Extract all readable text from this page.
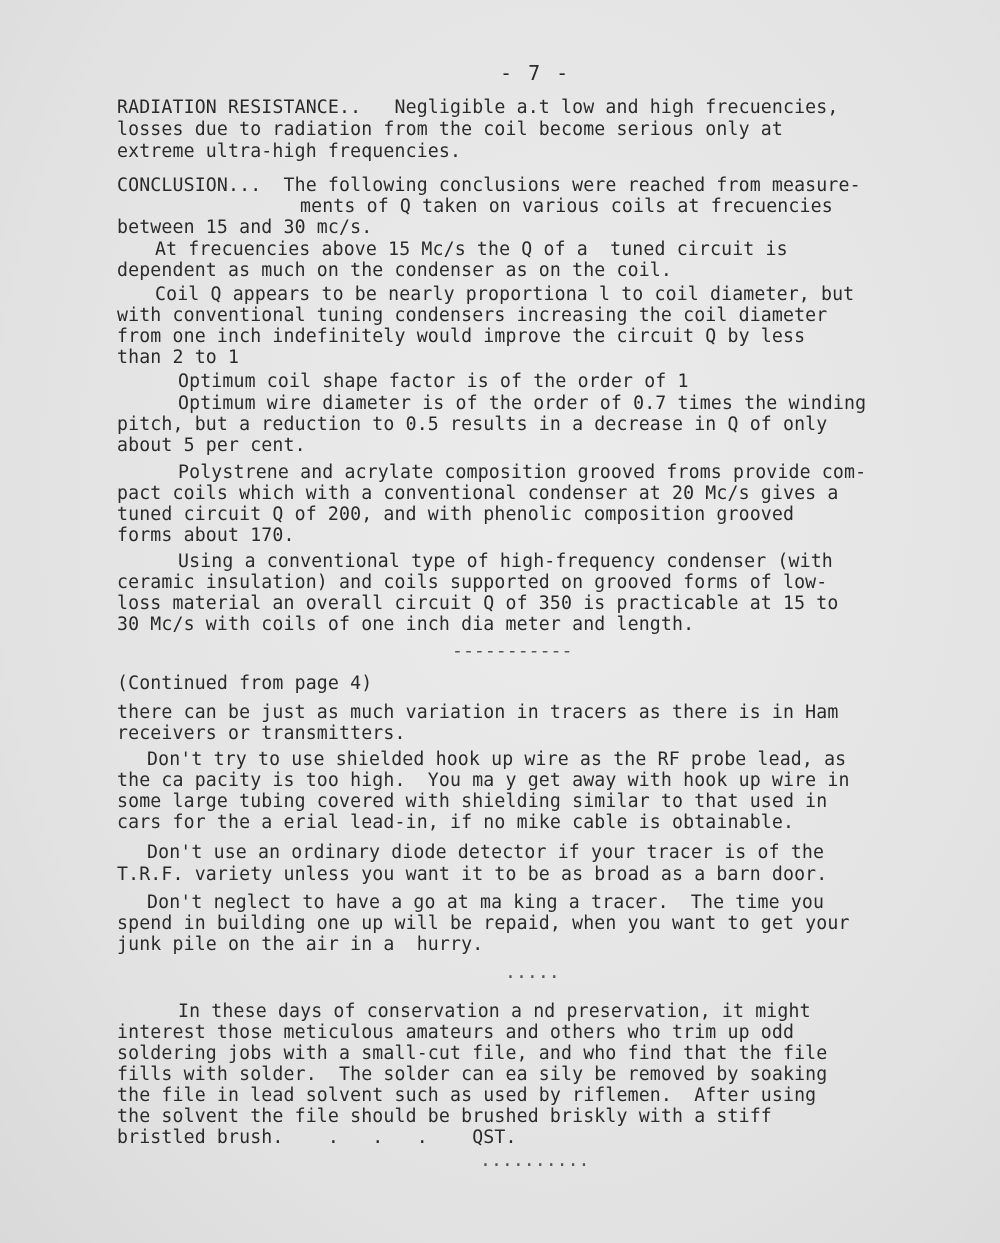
- 7 -
RADIATION RESISTANCE..   Negligible a.t low and high frecuencies,
losses due to radiation from the coil become serious only at
extreme ultra-high frequencies.
CONCLUSION...  The following conclusions were reached from measure-
ments of Q taken on various coils at frecuencies
between 15 and 30 mc/s.
At frecuencies above 15 Mc/s the Q of a  tuned circuit is
dependent as much on the condenser as on the coil.
Coil Q appears to be nearly proportiona l to coil diameter, but
with conventional tuning condensers increasing the coil diameter
from one inch indefinitely would improve the circuit Q by less
than 2 to 1
Optimum coil shape factor is of the order of 1
Optimum wire diameter is of the order of 0.7 times the winding
pitch, but a reduction to 0.5 results in a decrease in Q of only
about 5 per cent.
Polystrene and acrylate composition grooved froms provide com-
pact coils which with a conventional condenser at 20 Mc/s gives a
tuned circuit Q of 200, and with phenolic composition grooved
forms about 170.
Using a conventional type of high-frequency condenser (with
ceramic insulation) and coils supported on grooved forms of low-
loss material an overall circuit Q of 350 is practicable at 15 to
30 Mc/s with coils of one inch dia meter and length.
-----------
(Continued from page 4)
there can be just as much variation in tracers as there is in Ham
receivers or transmitters.
Don't try to use shielded hook up wire as the RF probe lead, as
the ca pacity is too high.  You ma y get away with hook up wire in
some large tubing covered with shielding similar to that used in
cars for the a erial lead-in, if no mike cable is obtainable.
Don't use an ordinary diode detector if your tracer is of the
T.R.F. variety unless you want it to be as broad as a barn door.
Don't neglect to have a go at ma king a tracer.  The time you
spend in building one up will be repaid, when you want to get your
junk pile on the air in a  hurry.
.....
In these days of conservation a nd preservation, it might
interest those meticulous amateurs and others who trim up odd
soldering jobs with a small-cut file, and who find that the file
fills with solder.  The solder can ea sily be removed by soaking
the file in lead solvent such as used by riflemen.  After using
the solvent the file should be brushed briskly with a stiff
bristled brush.    .   .   .    QST.
..........
